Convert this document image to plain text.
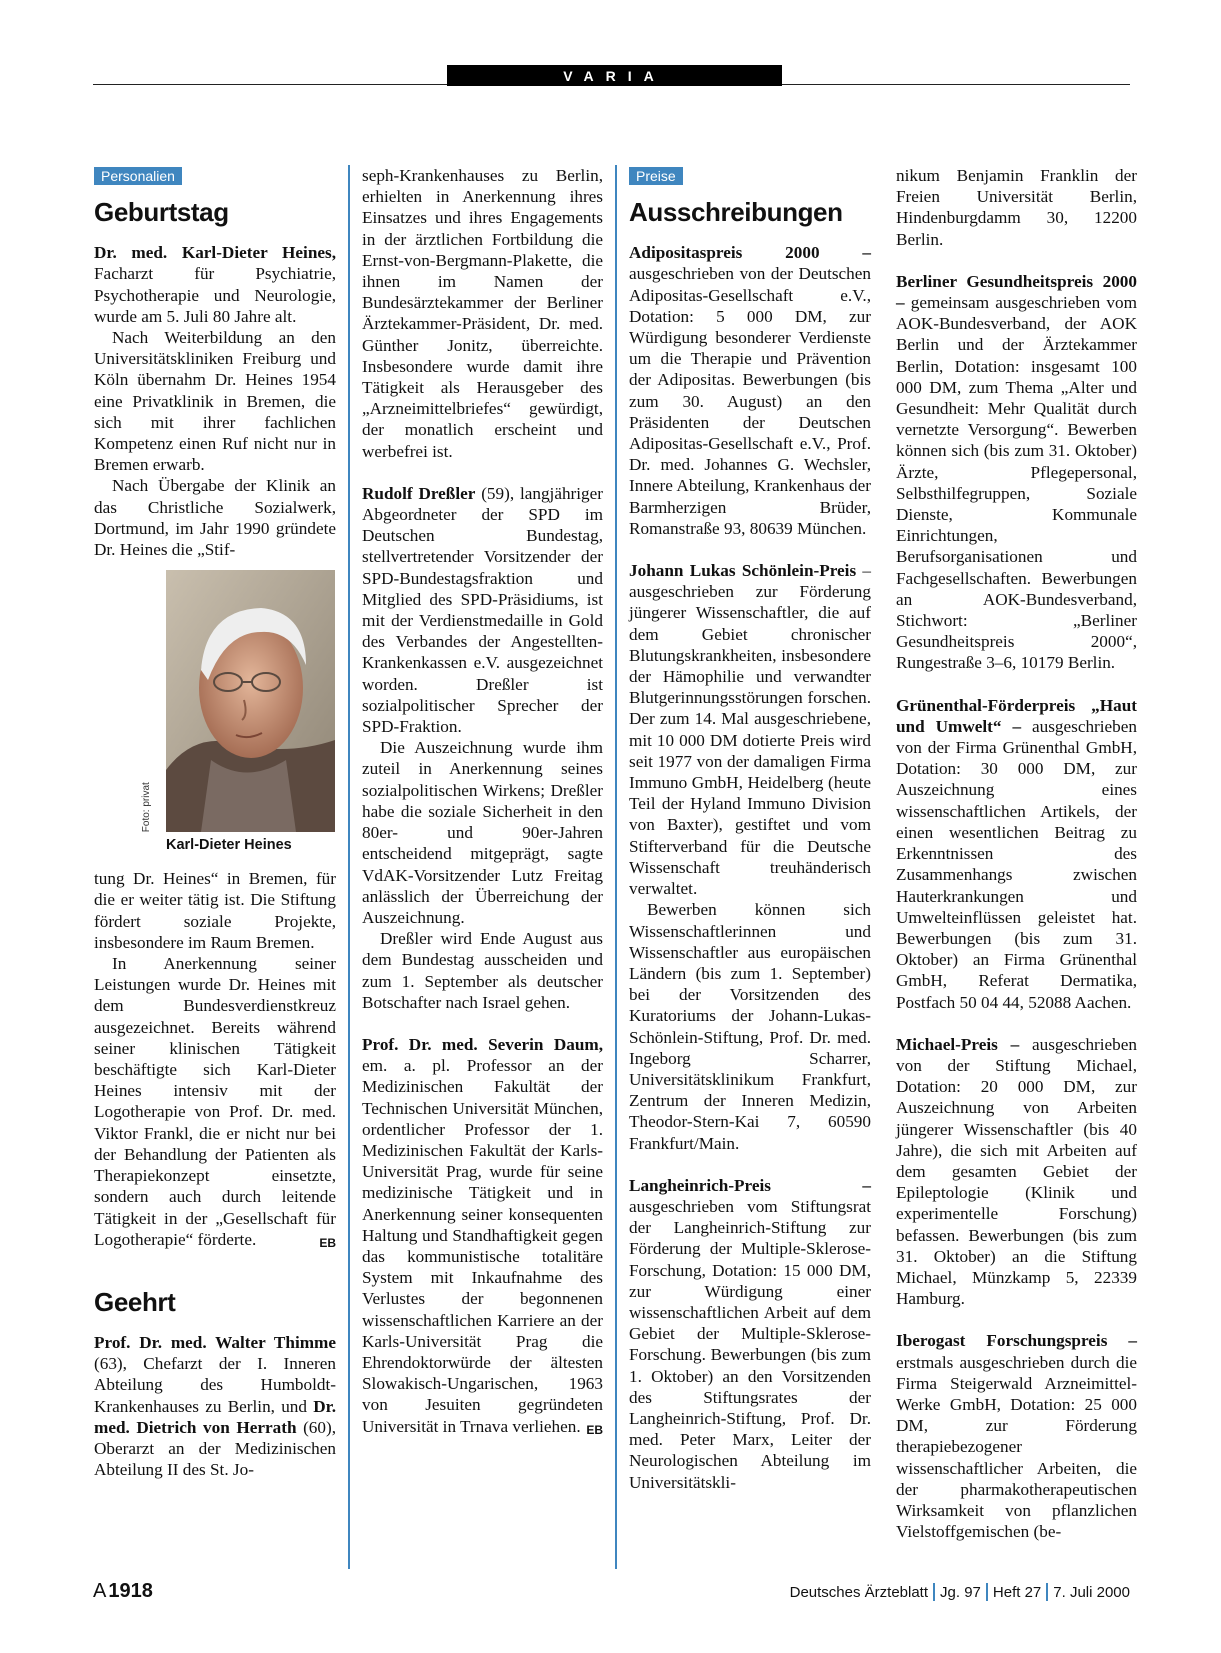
VARIA
Personalien
Geburtstag

Dr. med. Karl-Dieter Heines, Facharzt für Psychiatrie, Psychotherapie und Neurologie, wurde am 5. Juli 80 Jahre alt.

Nach Weiterbildung an den Universitätskliniken Freiburg und Köln übernahm Dr. Heines 1954 eine Privatklinik in Bremen, die sich mit ihrer fachlichen Kompetenz einen Ruf nicht nur in Bremen erwarb.

Nach Übergabe der Klinik an das Christliche Sozialwerk, Dortmund, im Jahr 1990 gründete Dr. Heines die „Stif-

Foto: privat
Karl-Dieter Heines

tung Dr. Heines“ in Bremen, für die er weiter tätig ist. Die Stiftung fördert soziale Projekte, insbesondere im Raum Bremen.

In Anerkennung seiner Leistungen wurde Dr. Heines mit dem Bundesverdienstkreuz ausgezeichnet. Bereits während seiner klinischen Tätigkeit beschäftigte sich Karl-Dieter Heines intensiv mit der Logotherapie von Prof. Dr. med. Viktor Frankl, die er nicht nur bei der Behandlung der Patienten als Therapiekonzept einsetzte, sondern auch durch leitende Tätigkeit in der „Gesellschaft für Logotherapie“ förderte.	EB

Geehrt

Prof. Dr. med. Walter Thimme (63), Chefarzt der I. Inneren Abteilung des Humboldt-Krankenhauses zu Berlin, und Dr. med. Dietrich von Herrath (60), Oberarzt an der Medizinischen Abteilung II des St. Jo-

seph-Krankenhauses zu Berlin, erhielten in Anerkennung ihres Einsatzes und ihres Engagements in der ärztlichen Fortbildung die Ernst-von-Bergmann-Plakette, die ihnen im Namen der Bundesärztekammer der Berliner Ärztekammer-Präsident, Dr. med. Günther Jonitz, überreichte. Insbesondere wurde damit ihre Tätigkeit als Herausgeber des „Arzneimittelbriefes“ gewürdigt, der monatlich erscheint und werbefrei ist.

Rudolf Dreßler (59), langjähriger Abgeordneter der SPD im Deutschen Bundestag, stellvertretender Vorsitzender der SPD-Bundestagsfraktion und Mitglied des SPD-Präsidiums, ist mit der Verdienstmedaille in Gold des Verbandes der Angestellten-Krankenkassen e.V. ausgezeichnet worden. Dreßler ist sozialpolitischer Sprecher der SPD-Fraktion.

Die Auszeichnung wurde ihm zuteil in Anerkennung seines sozialpolitischen Wirkens; Dreßler habe die soziale Sicherheit in den 80er- und 90er-Jahren entscheidend mitgeprägt, sagte VdAK-Vorsitzender Lutz Freitag anlässlich der Überreichung der Auszeichnung.

Dreßler wird Ende August aus dem Bundestag ausscheiden und zum 1. September als deutscher Botschafter nach Israel gehen.

Prof. Dr. med. Severin Daum, em. a. pl. Professor an der Medizinischen Fakultät der Technischen Universität München, ordentlicher Professor der 1. Medizinischen Fakultät der Karls-Universität Prag, wurde für seine medizinische Tätigkeit und in Anerkennung seiner konsequenten Haltung und Standhaftigkeit gegen das kommunistische totalitäre System mit Inkaufnahme des Verlustes der begonnenen wissenschaftlichen Karriere an der Karls-Universität Prag die Ehrendoktorwürde der ältesten Slowakisch-Ungarischen, 1963 von Jesuiten gegründeten Universität in Trnava verliehen. EB

Preise
Ausschreibungen

Adipositaspreis 2000 – ausgeschrieben von der Deutschen Adipositas-Gesellschaft e.V., Dotation: 5 000 DM, zur Würdigung besonderer Verdienste um die Therapie und Prävention der Adipositas. Bewerbungen (bis zum 30. August) an den Präsidenten der Deutschen Adipositas-Gesellschaft e.V., Prof. Dr. med. Johannes G. Wechsler, Innere Abteilung, Krankenhaus der Barmherzigen Brüder, Romanstraße 93, 80639 München.

Johann Lukas Schönlein-Preis – ausgeschrieben zur Förderung jüngerer Wissenschaftler, die auf dem Gebiet chronischer Blutungskrankheiten, insbesondere der Hämophilie und verwandter Blutgerinnungsstörungen forschen. Der zum 14. Mal ausgeschriebene, mit 10 000 DM dotierte Preis wird seit 1977 von der damaligen Firma Immuno GmbH, Heidelberg (heute Teil der Hyland Immuno Division von Baxter), gestiftet und vom Stifterverband für die Deutsche Wissenschaft treuhänderisch verwaltet.

Bewerben können sich Wissenschaftlerinnen und Wissenschaftler aus europäischen Ländern (bis zum 1. September) bei der Vorsitzenden des Kuratoriums der Johann-Lukas-Schönlein-Stiftung, Prof. Dr. med. Ingeborg Scharrer, Universitätsklinikum Frankfurt, Zentrum der Inneren Medizin, Theodor-Stern-Kai 7, 60590 Frankfurt/Main.

Langheinrich-Preis – ausgeschrieben vom Stiftungsrat der Langheinrich-Stiftung zur Förderung der Multiple-Sklerose-Forschung, Dotation: 15 000 DM, zur Würdigung einer wissenschaftlichen Arbeit auf dem Gebiet der Multiple-Sklerose-Forschung. Bewerbungen (bis zum 1. Oktober) an den Vorsitzenden des Stiftungsrates der Langheinrich-Stiftung, Prof. Dr. med. Peter Marx, Leiter der Neurologischen Abteilung im Universitätskli-

nikum Benjamin Franklin der Freien Universität Berlin, Hindenburgdamm 30, 12200 Berlin.

Berliner Gesundheitspreis 2000 – gemeinsam ausgeschrieben vom AOK-Bundesverband, der AOK Berlin und der Ärztekammer Berlin, Dotation: insgesamt 100 000 DM, zum Thema „Alter und Gesundheit: Mehr Qualität durch vernetzte Versorgung“. Bewerben können sich (bis zum 31. Oktober) Ärzte, Pflegepersonal, Selbsthilfegruppen, Soziale Dienste, Kommunale Einrichtungen, Berufsorganisationen und Fachgesellschaften. Bewerbungen an AOK-Bundesverband, Stichwort: „Berliner Gesundheitspreis 2000“, Rungestraße 3–6, 10179 Berlin.

Grünenthal-Förderpreis „Haut und Umwelt“ – ausgeschrieben von der Firma Grünenthal GmbH, Dotation: 30 000 DM, zur Auszeichnung eines wissenschaftlichen Artikels, der einen wesentlichen Beitrag zu Erkenntnissen des Zusammenhangs zwischen Hauterkrankungen und Umwelteinflüssen geleistet hat. Bewerbungen (bis zum 31. Oktober) an Firma Grünenthal GmbH, Referat Dermatika, Postfach 50 04 44, 52088 Aachen.

Michael-Preis – ausgeschrieben von der Stiftung Michael, Dotation: 20 000 DM, zur Auszeichnung von Arbeiten jüngerer Wissenschaftler (bis 40 Jahre), die sich mit Arbeiten auf dem gesamten Gebiet der Epileptologie (Klinik und experimentelle Forschung) befassen. Bewerbungen (bis zum 31. Oktober) an die Stiftung Michael, Münzkamp 5, 22339 Hamburg.

Iberogast Forschungspreis – erstmals ausgeschrieben durch die Firma Steigerwald Arzneimittel-Werke GmbH, Dotation: 25 000 DM, zur Förderung therapiebezogener wissenschaftlicher Arbeiten, die der pharmakotherapeutischen Wirksamkeit von pflanzlichen Vielstoffgemischen (be-

A 1918	Deutsches Ärzteblatt Jg. 97 Heft 27 7. Juli 2000
